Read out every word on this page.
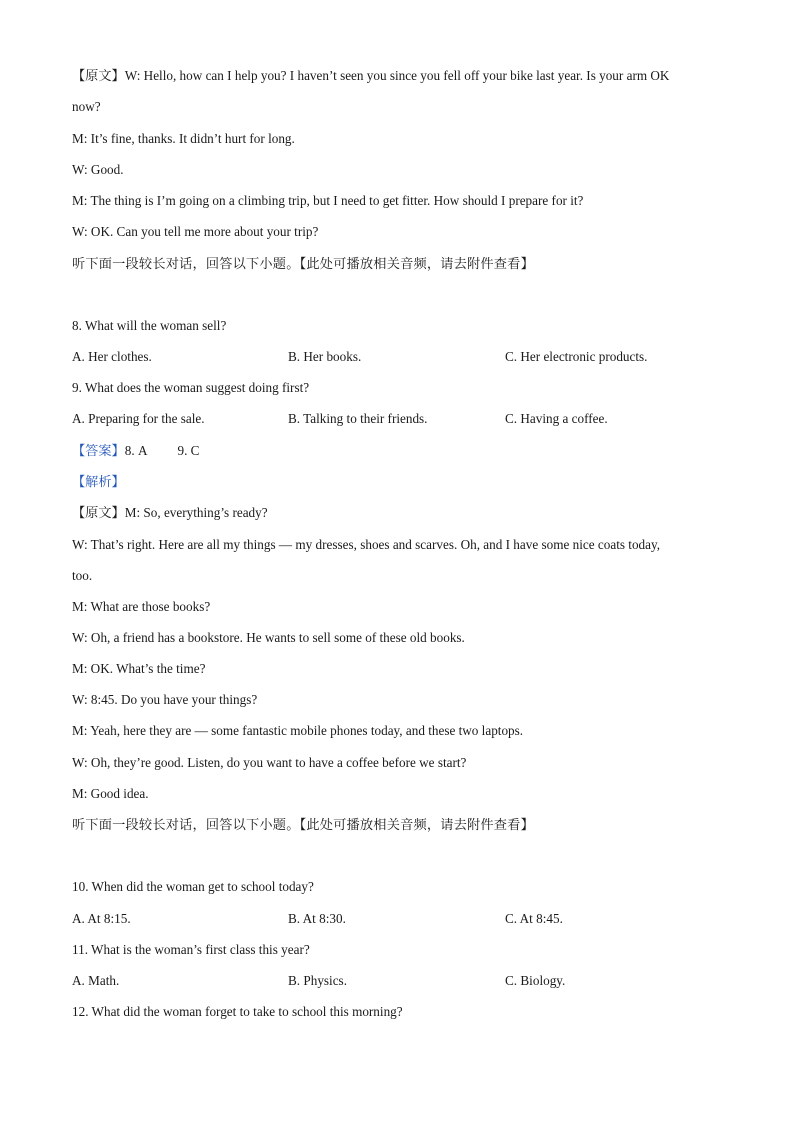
【原文】W: Hello, how can I help you? I haven’t seen you since you fell off your bike last year. Is your arm OK
now?
M: It’s fine, thanks. It didn’t hurt for long.
W: Good.
M: The thing is I’m going on a climbing trip, but I need to get fitter. How should I prepare for it?
W: OK. Can you tell me more about your trip?
听下面一段较长对话，回答以下小题。【此处可播放相关音频，请去附件查看】
8. What will the woman sell?
A. Her clothes.	B. Her books.	C. Her electronic products.
9. What does the woman suggest doing first?
A. Preparing for the sale.	B. Talking to their friends.	C. Having a coffee.
【答案】8. A 9. C
【解析】
【原文】M: So, everything’s ready?
W: That’s right. Here are all my things — my dresses, shoes and scarves. Oh, and I have some nice coats today,
too.
M: What are those books?
W: Oh, a friend has a bookstore. He wants to sell some of these old books.
M: OK. What’s the time?
W: 8:45. Do you have your things?
M: Yeah, here they are — some fantastic mobile phones today, and these two laptops.
W: Oh, they’re good. Listen, do you want to have a coffee before we start?
M: Good idea.
听下面一段较长对话，回答以下小题。【此处可播放相关音频，请去附件查看】
10. When did the woman get to school today?
A. At 8:15.	B. At 8:30.	C. At 8:45.
11. What is the woman’s first class this year?
A. Math.	B. Physics.	C. Biology.
12. What did the woman forget to take to school this morning?
